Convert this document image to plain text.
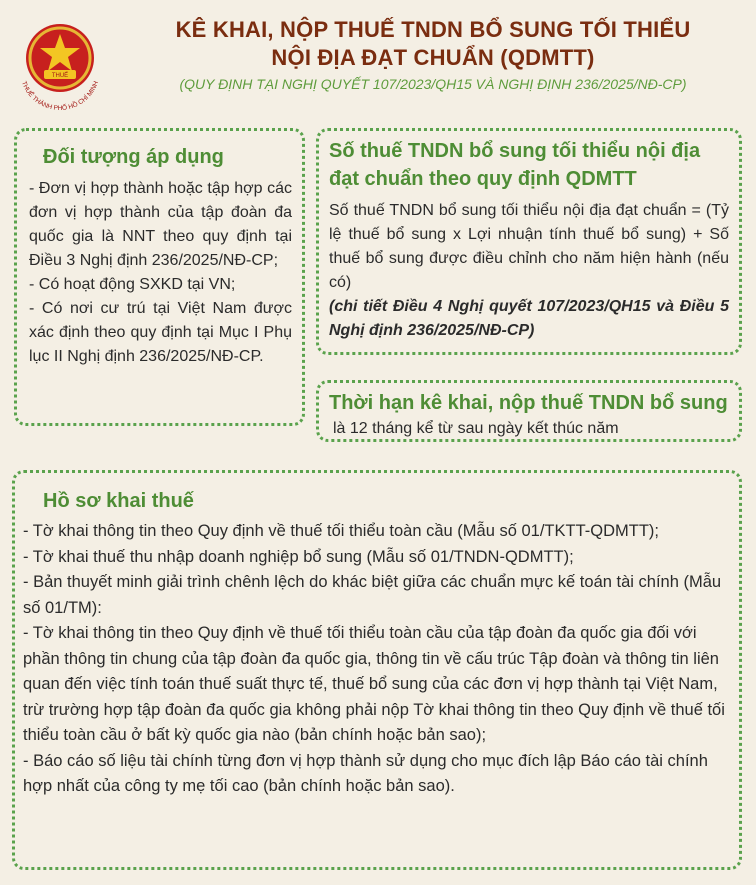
THUẾ
THUẾ THÀNH PHỐ HỒ CHÍ MINH
KÊ KHAI, NỘP THUẾ TNDN BỔ SUNG TỐI THIỂU
NỘI ĐỊA ĐẠT CHUẨN (QDMTT)
(QUY ĐỊNH TẠI NGHỊ QUYẾT 107/2023/QH15 VÀ NGHỊ ĐỊNH 236/2025/NĐ-CP)
Đối tượng áp dụng
- Đơn vị hợp thành hoặc tập hợp các đơn vị hợp thành của tập đoàn đa quốc gia là NNT theo quy định tại Điều 3 Nghị định 236/2025/NĐ-CP;
- Có hoạt động SXKD tại VN;
- Có nơi cư trú tại Việt Nam được xác định theo quy định tại Mục I Phụ lục II Nghị định 236/2025/NĐ-CP.
Số thuế TNDN bổ sung tối thiểu nội địa đạt chuẩn theo quy định QDMTT
Số thuế TNDN bổ sung tối thiểu nội địa đạt chuẩn = (Tỷ lệ thuế bổ sung x Lợi nhuận tính thuế bổ sung) + Số thuế bổ sung được điều chỉnh cho năm hiện hành (nếu có)
(chi tiết Điều 4 Nghị quyết 107/2023/QH15 và Điều 5 Nghị định 236/2025/NĐ-CP)
Thời hạn kê khai, nộp thuế TNDN bổ sung
là 12 tháng kể từ sau ngày kết thúc năm
Hồ sơ khai thuế
- Tờ khai thông tin theo Quy định về thuế tối thiểu toàn cầu (Mẫu số 01/TKTT-QDMTT);
- Tờ khai thuế thu nhập doanh nghiệp bổ sung (Mẫu số 01/TNDN-QDMTT);
- Bản thuyết minh giải trình chênh lệch do khác biệt giữa các chuẩn mực kế toán tài chính (Mẫu số 01/TM):
- Tờ khai thông tin theo Quy định về thuế tối thiểu toàn cầu của tập đoàn đa quốc gia đối với phần thông tin chung của tập đoàn đa quốc gia, thông tin về cấu trúc Tập đoàn và thông tin liên quan đến việc tính toán thuế suất thực tế, thuế bổ sung của các đơn vị hợp thành tại Việt Nam, trừ trường hợp tập đoàn đa quốc gia không phải nộp Tờ khai thông tin theo Quy định về thuế tối thiểu toàn cầu ở bất kỳ quốc gia nào (bản chính hoặc bản sao);
- Báo cáo số liệu tài chính từng đơn vị hợp thành sử dụng cho mục đích lập Báo cáo tài chính hợp nhất của công ty mẹ tối cao (bản chính hoặc bản sao).
